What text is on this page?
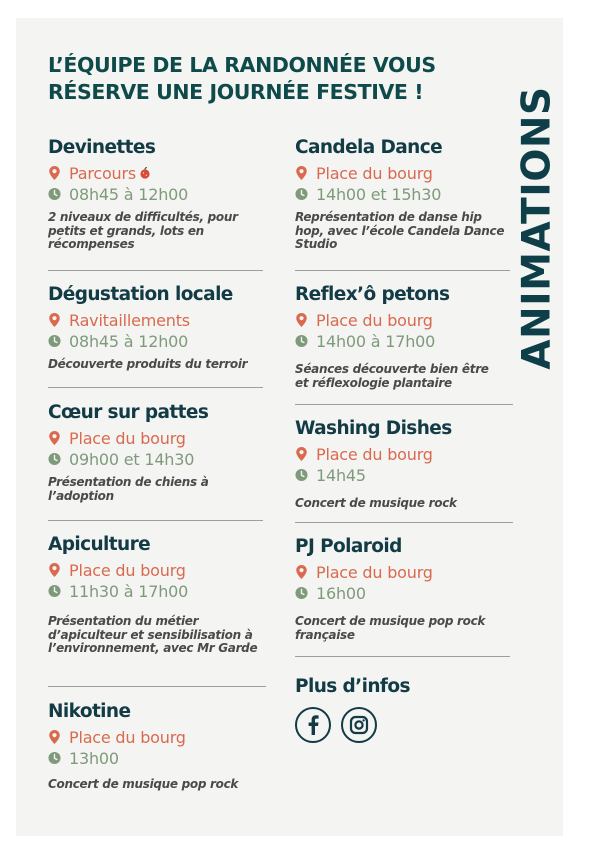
L’ÉQUIPE DE LA RANDONNÉE VOUS
RÉSERVE UNE JOURNÉE FESTIVE !	ANIMATIONS
Devinettes
Parcours
08h45 à 12h00
2 niveaux de difficultés, pour petits et grands, lots en récompenses
Dégustation locale
Ravitaillements
08h45 à 12h00
Découverte produits du terroir
Cœur sur pattes
Place du bourg
09h00 et 14h30
Présentation de chiens à l’adoption
Apiculture
Place du bourg
11h30 à 17h00
Présentation du métier d’apiculteur et sensibilisation à l’environnement, avec Mr Garde
Nikotine
Place du bourg
13h00
Concert de musique pop rock
Candela Dance
Place du bourg
14h00 et 15h30
Représentation de danse hip hop, avec l’école Candela Dance Studio
Reflex’ô petons
Place du bourg
14h00 à 17h00
Séances découverte bien être et réflexologie plantaire
Washing Dishes
Place du bourg
14h45
Concert de musique rock
PJ Polaroid
Place du bourg
16h00
Concert de musique pop rock française
Plus d’infos
